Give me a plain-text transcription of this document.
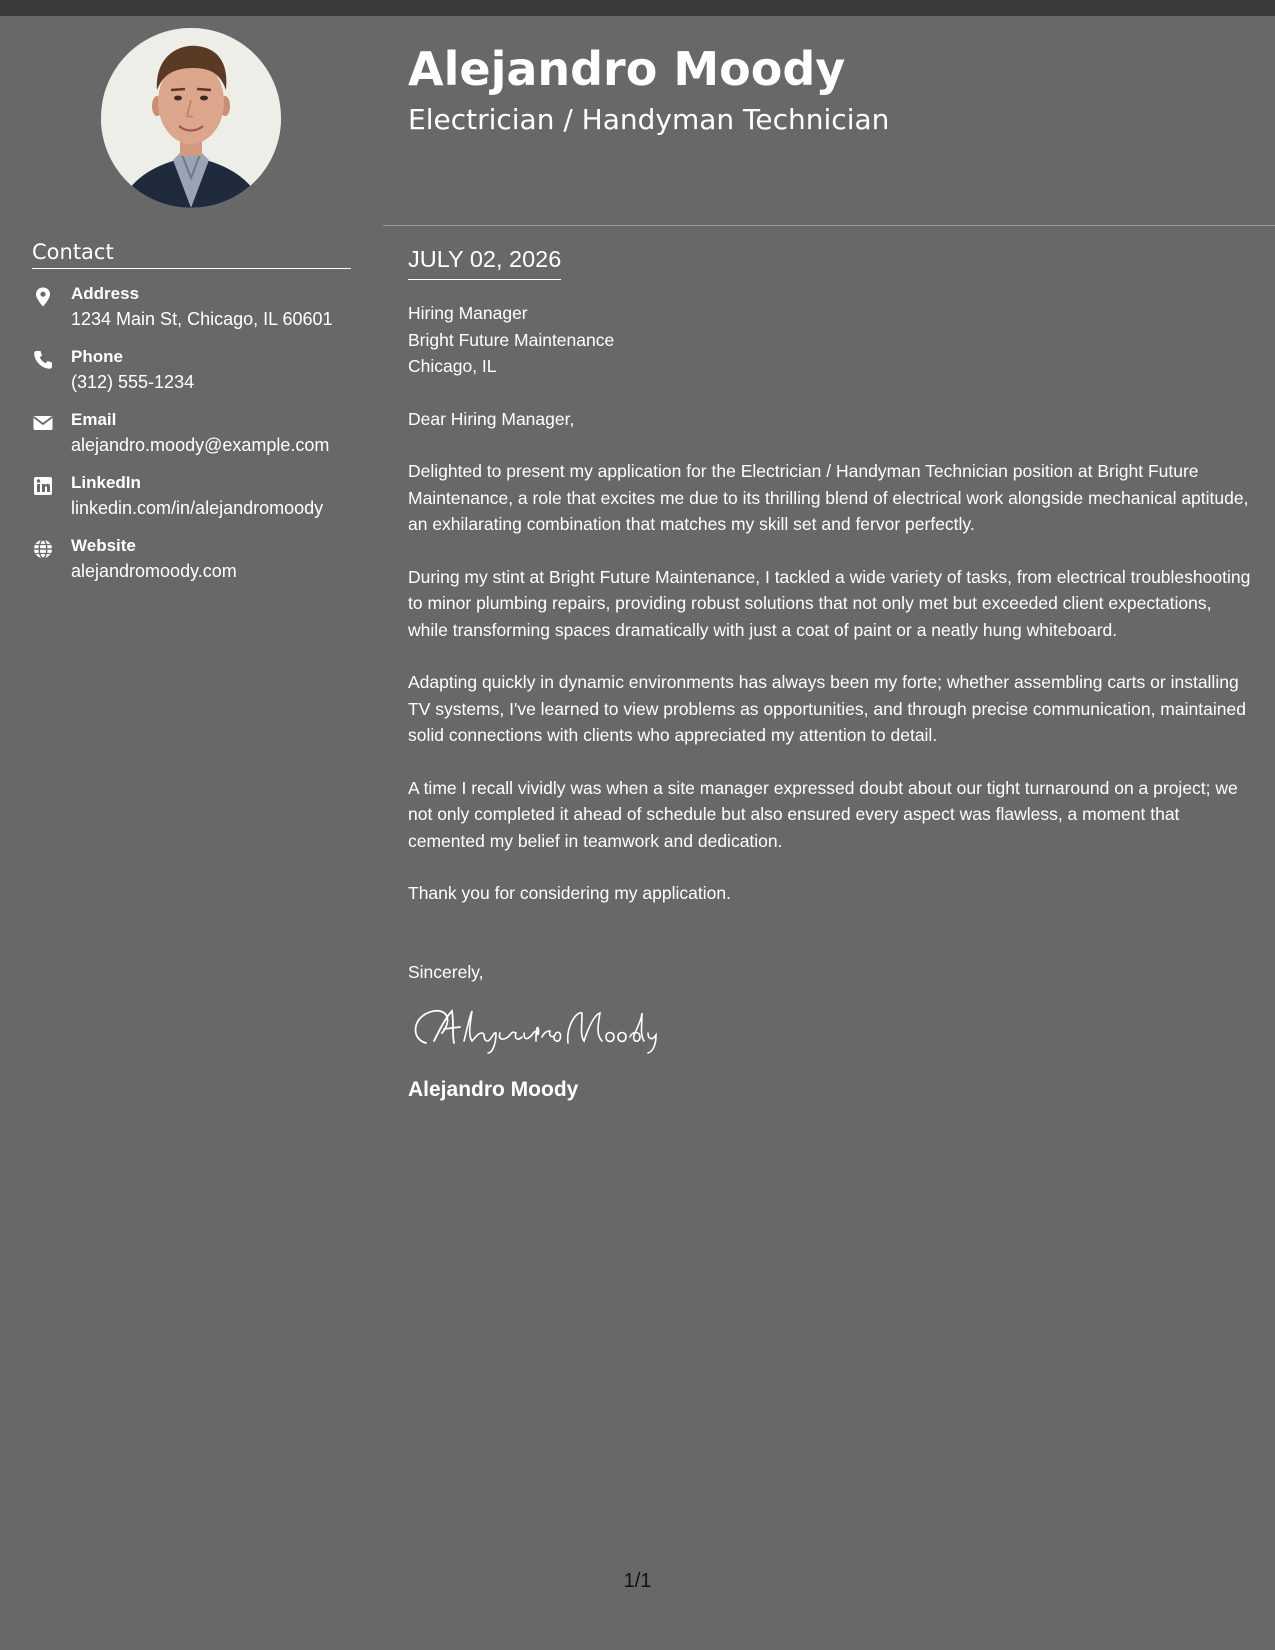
Contact
Address
1234 Main St, Chicago, IL 60601
Phone
(312) 555-1234
Email
alejandro.moody@example.com
LinkedIn
linkedin.com/in/alejandromoody
Website
alejandromoody.com
Alejandro Moody
Electrician / Handyman Technician
JULY 02, 2026
Hiring Manager
Bright Future Maintenance
Chicago, IL

Dear Hiring Manager,

Delighted to present my application for the Electrician / Handyman Technician position at Bright Future Maintenance, a role that excites me due to its thrilling blend of electrical work alongside mechanical aptitude, an exhilarating combination that matches my skill set and fervor perfectly.

During my stint at Bright Future Maintenance, I tackled a wide variety of tasks, from electrical troubleshooting to minor plumbing repairs, providing robust solutions that not only met but exceeded client expectations, while transforming spaces dramatically with just a coat of paint or a neatly hung whiteboard.

Adapting quickly in dynamic environments has always been my forte; whether assembling carts or installing TV systems, I've learned to view problems as opportunities, and through precise communication, maintained solid connections with clients who appreciated my attention to detail.

A time I recall vividly was when a site manager expressed doubt about our tight turnaround on a project; we not only completed it ahead of schedule but also ensured every aspect was flawless, a moment that cemented my belief in teamwork and dedication.

Thank you for considering my application.

Sincerely,
Alejandro Moody
1/1
